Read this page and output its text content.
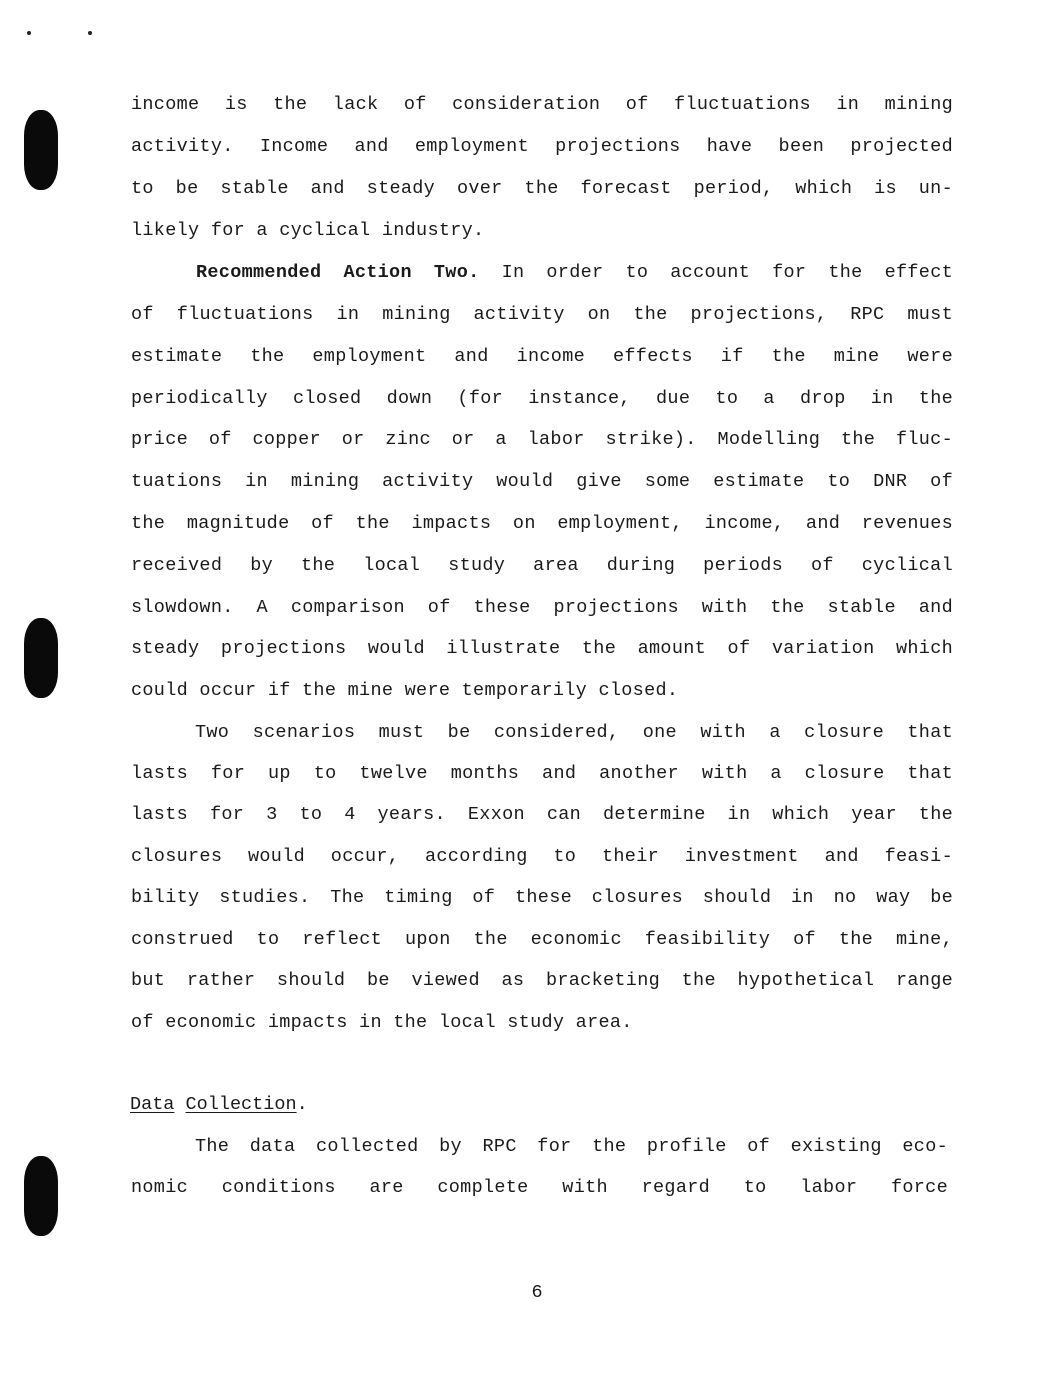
income is the lack of consideration of fluctuations in mining
activity. Income and employment projections have been projected
to be stable and steady over the forecast period, which is un-
likely for a cyclical industry.
Recommended Action Two. In order to account for the effect
of fluctuations in mining activity on the projections, RPC must
estimate the employment and income effects if the mine were
periodically closed down (for instance, due to a drop in the
price of copper or zinc or a labor strike). Modelling the fluc-
tuations in mining activity would give some estimate to DNR of
the magnitude of the impacts on employment, income, and revenues
received by the local study area during periods of cyclical
slowdown. A comparison of these projections with the stable and
steady projections would illustrate the amount of variation which
could occur if the mine were temporarily closed.
Two scenarios must be considered, one with a closure that
lasts for up to twelve months and another with a closure that
lasts for 3 to 4 years. Exxon can determine in which year the
closures would occur, according to their investment and feasi-
bility studies. The timing of these closures should in no way be
construed to reflect upon the economic feasibility of the mine,
but rather should be viewed as bracketing the hypothetical range
of economic impacts in the local study area.
Data Collection.
The data collected by RPC for the profile of existing eco-
nomic conditions are complete with regard to labor force
6
